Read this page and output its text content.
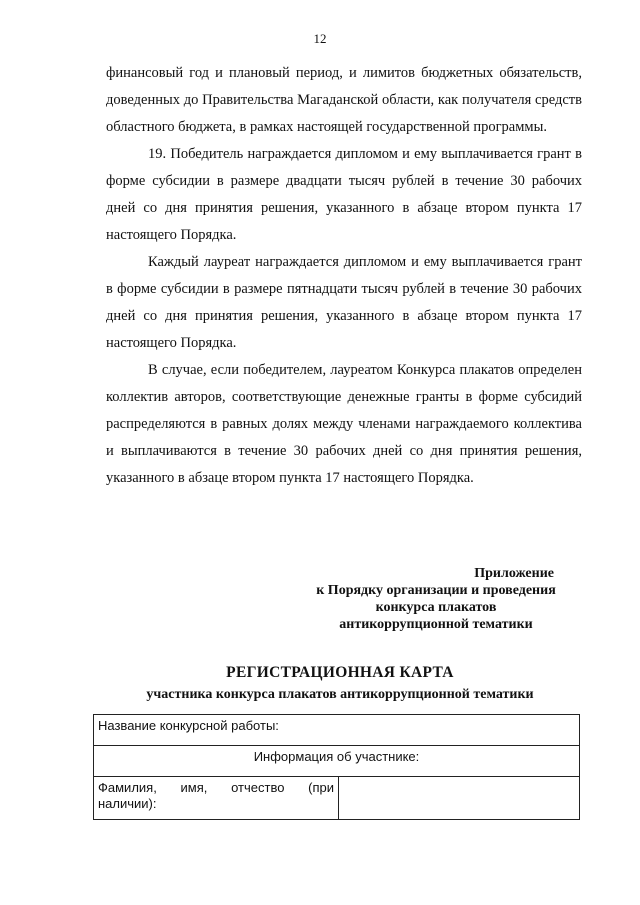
12

финансовый год и плановый период, и лимитов бюджетных обязательств, доведенных до Правительства Магаданской области, как получателя средств областного бюджета, в рамках настоящей государственной программы.

19. Победитель награждается дипломом и ему выплачивается грант в форме субсидии в размере двадцати тысяч рублей в течение 30 рабочих дней со дня принятия решения, указанного в абзаце втором пункта 17 настоящего Порядка.

Каждый лауреат награждается дипломом и ему выплачивается грант в форме субсидии в размере пятнадцати тысяч рублей в течение 30 рабочих дней со дня принятия решения, указанного в абзаце втором пункта 17 настоящего Порядка.

В случае, если победителем, лауреатом Конкурса плакатов определен коллектив авторов, соответствующие денежные гранты в форме субсидий распределяются в равных долях между членами награждаемого коллектива и выплачиваются в течение 30 рабочих дней со дня принятия решения, указанного в абзаце втором пункта 17 настоящего Порядка.

Приложение
к Порядку организации и проведения
конкурса плакатов
антикоррупционной тематики
РЕГИСТРАЦИОННАЯ КАРТА
участника конкурса плакатов антикоррупционной тематики
Название конкурсной работы:
Информация об участнике:
Фамилия, имя, отчество (при наличии):	
